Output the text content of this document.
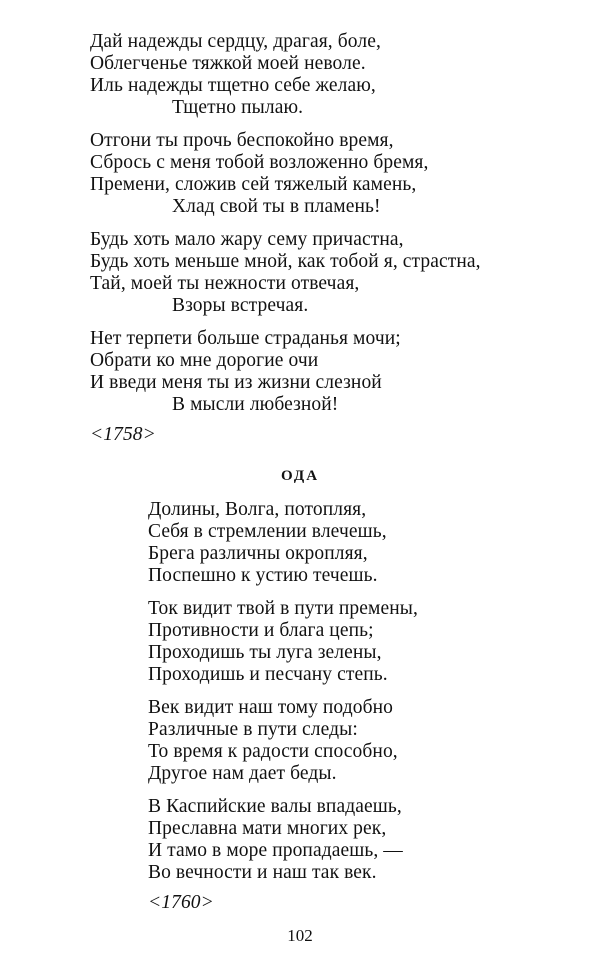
Дай надежды сердцу, драгая, боле,
Облегченье тяжкой моей неволе.
Иль надежды тщетно себе желаю,
Тщетно пылаю.
Отгони ты прочь беспокойно время,
Сбрось с меня тобой возложенно бремя,
Премени, сложив сей тяжелый камень,
Хлад свой ты в пламень!
Будь хоть мало жару сему причастна,
Будь хоть меньше мной, как тобой я, страстна,
Тай, моей ты нежности отвечая,
Взоры встречая.
Нет терпети больше страданья мочи;
Обрати ко мне дорогие очи
И введи меня ты из жизни слезной
В мысли любезной!
<1758>
ОДА
Долины, Волга, потопляя,
Себя в стремлении влечешь,
Брега различны окропляя,
Поспешно к устию течешь.
Ток видит твой в пути премены,
Противности и блага цепь;
Проходишь ты луга зелены,
Проходишь и песчану степь.
Век видит наш тому подобно
Различные в пути следы:
То время к радости способно,
Другое нам дает беды.
В Каспийские валы впадаешь,
Преславна мати многих рек,
И тамо в море пропадаешь, —
Во вечности и наш так век.
<1760>
102
